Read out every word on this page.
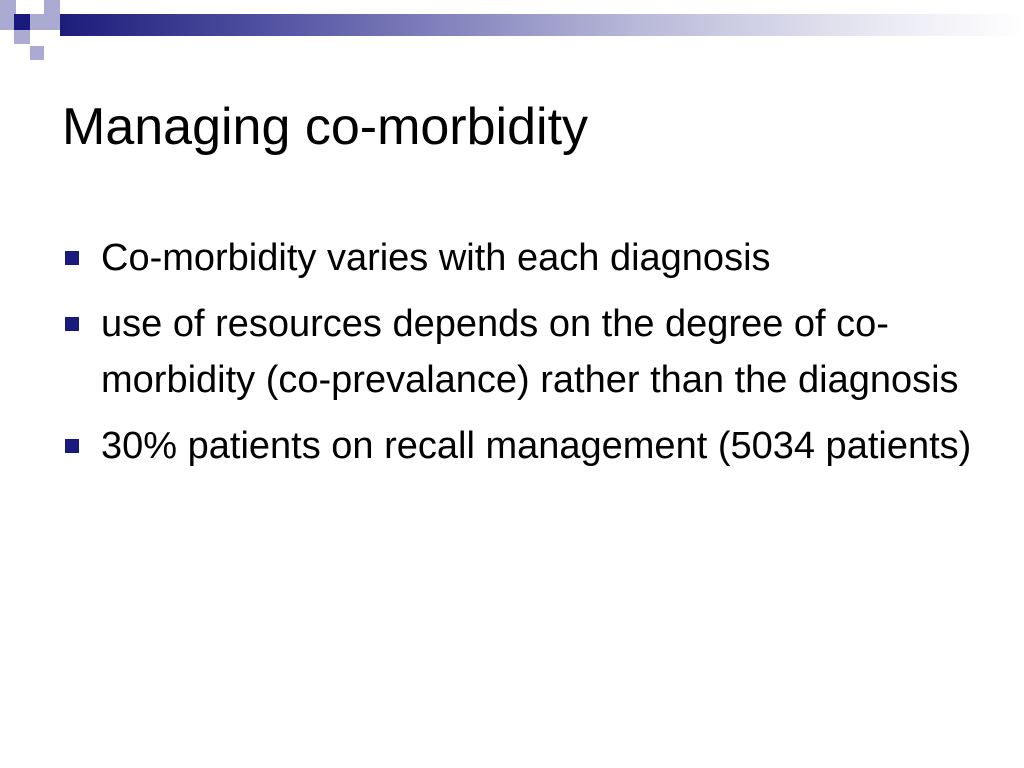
Managing co-morbidity
Co-morbidity varies with each diagnosis
use of resources depends on the degree of co-morbidity (co-prevalance) rather than the diagnosis
30% patients on recall management (5034 patients)
